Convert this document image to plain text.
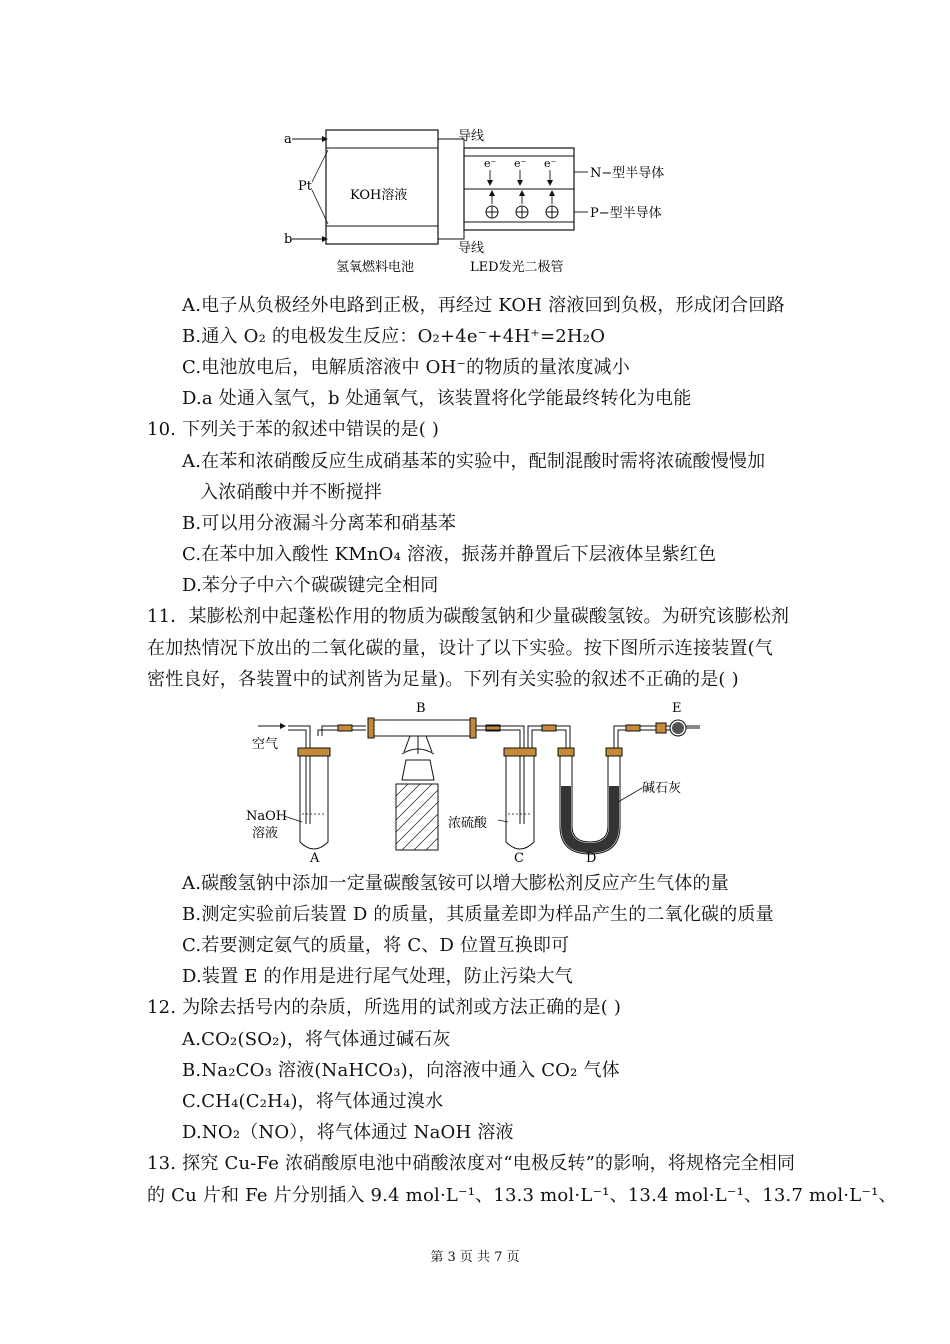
a
b
Pt
KOH溶液
导线
导线
e⁻ e⁻ e⁻
N−型半导体
P−型半导体
氢氧燃料电池	LED发光二极管
A.电子从负极经外电路到正极，再经过 KOH 溶液回到负极，形成闭合回路
B.通入 O₂ 的电极发生反应：O₂+4e⁻+4H⁺=2H₂O
C.电池放电后，电解质溶液中 OH⁻的物质的量浓度减小
D.a 处通入氢气，b 处通氧气，该装置将化学能最终转化为电能
10. 下列关于苯的叙述中错误的是( )
A.在苯和浓硝酸反应生成硝基苯的实验中，配制混酸时需将浓硫酸慢慢加
入浓硝酸中并不断搅拌
B.可以用分液漏斗分离苯和硝基苯
C.在苯中加入酸性 KMnO₄ 溶液，振荡并静置后下层液体呈紫红色
D.苯分子中六个碳碳键完全相同
11．某膨松剂中起蓬松作用的物质为碳酸氢钠和少量碳酸氢铵。为研究该膨松剂
在加热情况下放出的二氧化碳的量，设计了以下实验。按下图所示连接装置(气
密性良好，各装置中的试剂皆为足量)。下列有关实验的叙述不正确的是( )
空气
NaOH
溶液
浓硫酸
碱石灰
A
B
C	D
E
A.碳酸氢钠中添加一定量碳酸氢铵可以增大膨松剂反应产生气体的量
B.测定实验前后装置 D 的质量，其质量差即为样品产生的二氧化碳的质量
C.若要测定氨气的质量，将 C、D 位置互换即可
D.装置 E 的作用是进行尾气处理，防止污染大气
12. 为除去括号内的杂质，所选用的试剂或方法正确的是( )
A.CO₂(SO₂)，将气体通过碱石灰
B.Na₂CO₃ 溶液(NaHCO₃)，向溶液中通入 CO₂ 气体
C.CH₄(C₂H₄)，将气体通过溴水
D.NO₂（NO），将气体通过 NaOH 溶液
13. 探究 Cu-Fe 浓硝酸原电池中硝酸浓度对“电极反转”的影响，将规格完全相同
的 Cu 片和 Fe 片分别插入 9.4 mol·L⁻¹、13.3 mol·L⁻¹、13.4 mol·L⁻¹、13.7 mol·L⁻¹、
第 3 页 共 7 页
